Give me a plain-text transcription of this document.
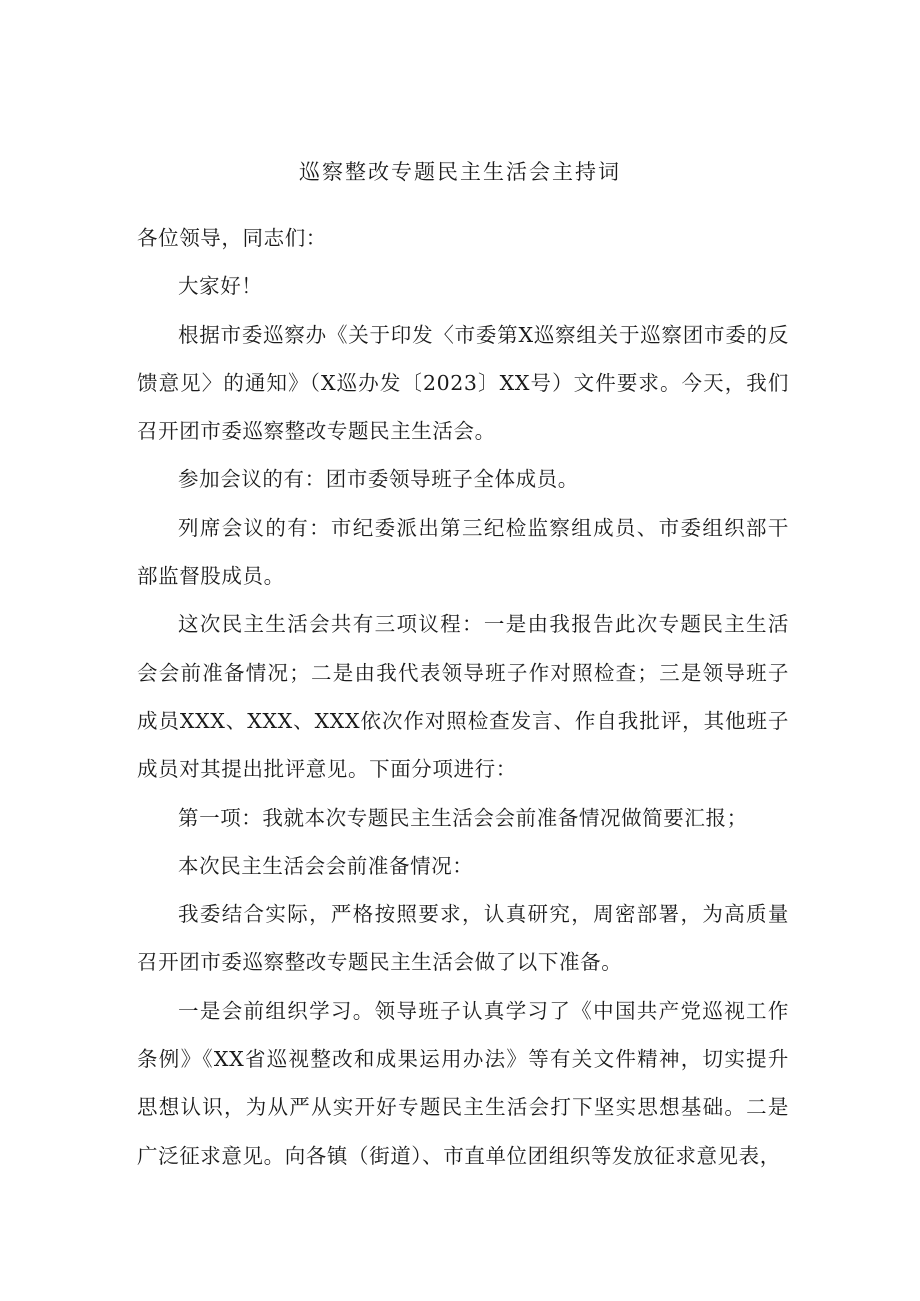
巡察整改专题民主生活会主持词

各位领导，同志们：

大家好！

根据市委巡察办《关于印发〈市委第X巡察组关于巡察团市委的反馈意见〉的通知》（X巡办发〔2023〕XX号）文件要求。今天，我们召开团市委巡察整改专题民主生活会。

参加会议的有：团市委领导班子全体成员。

列席会议的有：市纪委派出第三纪检监察组成员、市委组织部干部监督股成员。

这次民主生活会共有三项议程：一是由我报告此次专题民主生活会会前准备情况；二是由我代表领导班子作对照检查；三是领导班子成员XXX、XXX、XXX依次作对照检查发言、作自我批评，其他班子成员对其提出批评意见。下面分项进行：

第一项：我就本次专题民主生活会会前准备情况做简要汇报；

本次民主生活会会前准备情况：

我委结合实际，严格按照要求，认真研究，周密部署，为高质量召开团市委巡察整改专题民主生活会做了以下准备。

一是会前组织学习。领导班子认真学习了《中国共产党巡视工作条例》《XX省巡视整改和成果运用办法》等有关文件精神，切实提升思想认识，为从严从实开好专题民主生活会打下坚实思想基础。二是广泛征求意见。向各镇（街道）、市直单位团组织等发放征求意见表，
